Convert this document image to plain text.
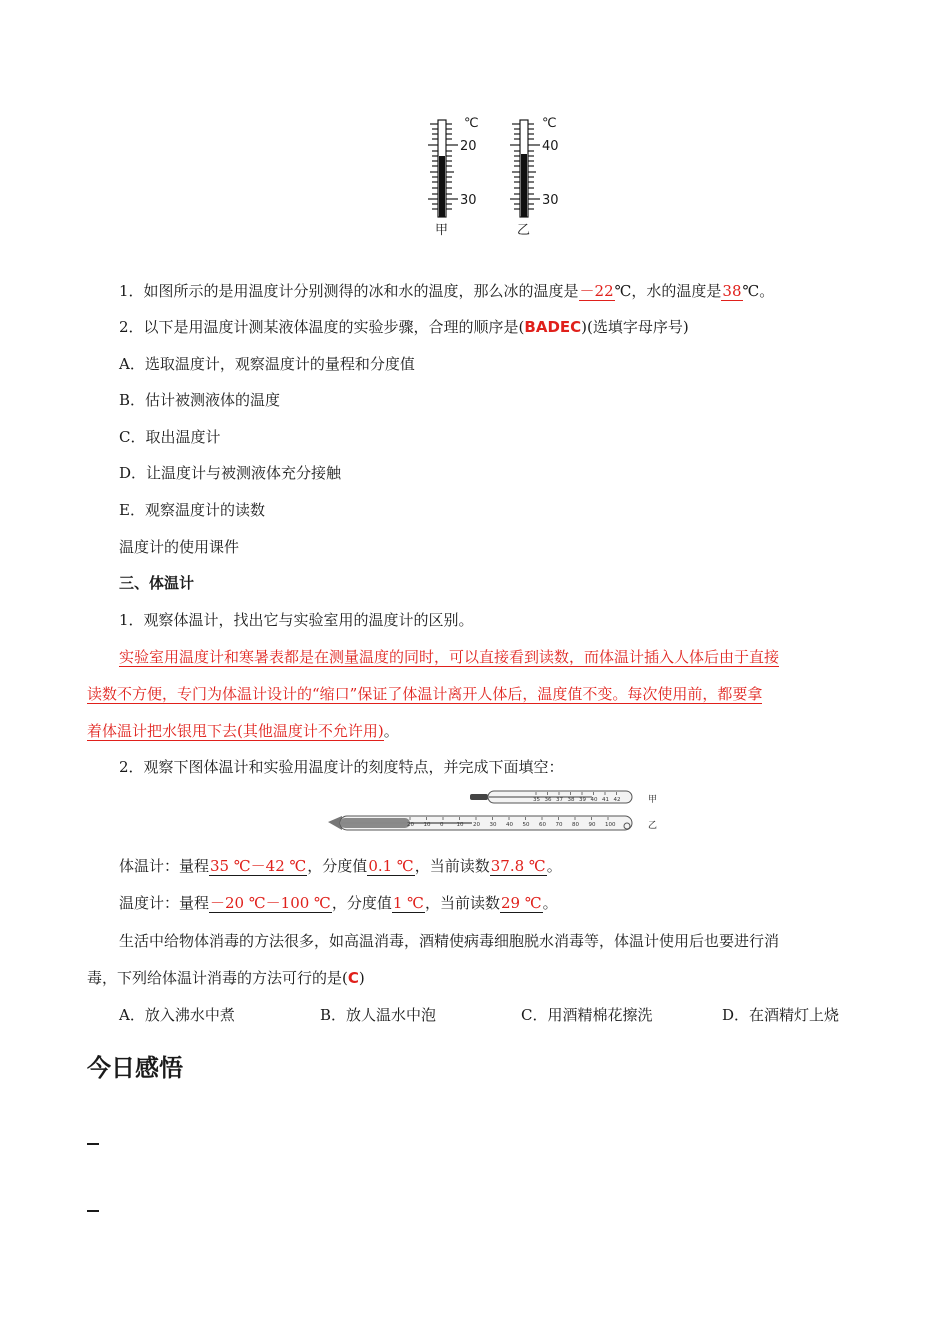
℃
20
30
甲
℃
40
30
乙
1．如图所示的是用温度计分别测得的冰和水的温度，那么冰的温度是－22℃，水的温度是38℃。
2．以下是用温度计测某液体温度的实验步骤，合理的顺序是(BADEC)(选填字母序号)
A．选取温度计，观察温度计的量程和分度值
B．估计被测液体的温度
C．取出温度计
D．让温度计与被测液体充分接触
E．观察温度计的读数
温度计的使用课件
三、体温计
1．观察体温计，找出它与实验室用的温度计的区别。
实验室用温度计和寒暑表都是在测量温度的同时，可以直接看到读数，而体温计插入人体后由于直接
读数不方便，专门为体温计设计的“缩口”保证了体温计离开人体后，温度值不变。每次使用前，都要拿
着体温计把水银甩下去(其他温度计不允许用)。
2．观察下图体温计和实验用温度计的刻度特点，并完成下面填空：
35 36 37 38 39 40 41 42	甲
20 10 0 10 20 30 40 50 60 70 80 90 100	乙
体温计：量程35 ℃－42 ℃，分度值0.1 ℃，当前读数37.8 ℃。
温度计：量程－20 ℃－100 ℃，分度值1 ℃，当前读数29 ℃。
生活中给物体消毒的方法很多，如高温消毒，酒精使病毒细胞脱水消毒等，体温计使用后也要进行消
毒，下列给体温计消毒的方法可行的是(C)
A．放入沸水中煮	B．放人温水中泡	C．用酒精棉花擦洗	D．在酒精灯上烧
今日感悟
